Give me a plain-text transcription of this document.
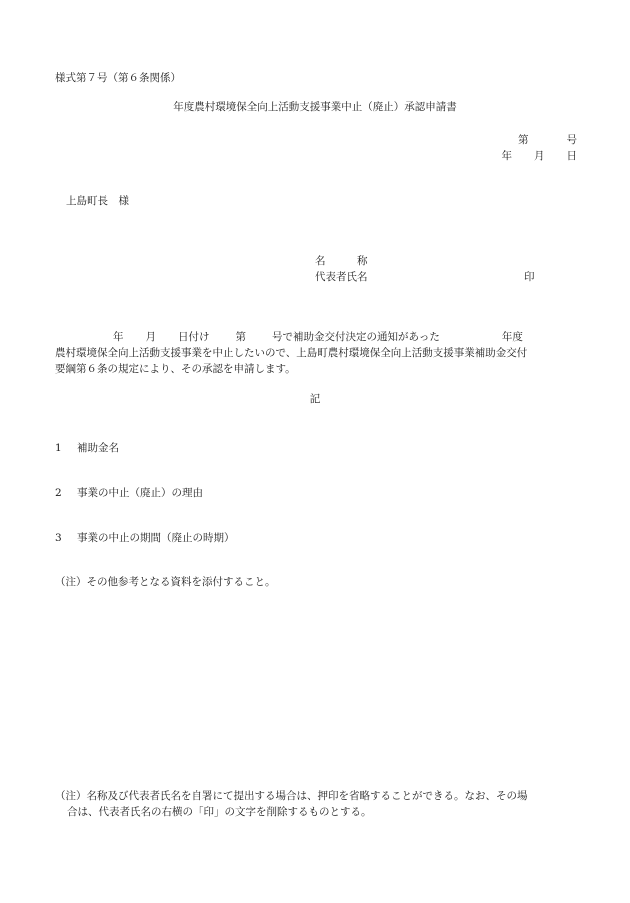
様式第７号（第６条関係）
年度農村環境保全向上活動支援事業中止（廃止）承認申請書
第	号
年 月 日
上島町長　様
名　　　称
代表者氏名	印
年 月 日付け 第 号で補助金交付決定の通知があった	年度
農村環境保全向上活動支援事業を中止したいので、上島町農村環境保全向上活動支援事業補助金交付
要綱第６条の規定により、その承認を申請します。
記
1 補助金名
2 事業の中止（廃止）の理由
3 事業の中止の期間（廃止の時期）
（注）その他参考となる資料を添付すること。
（注）名称及び代表者氏名を自署にて提出する場合は、押印を省略することができる。なお、その場
合は、代表者氏名の右横の「印」の文字を削除するものとする。
